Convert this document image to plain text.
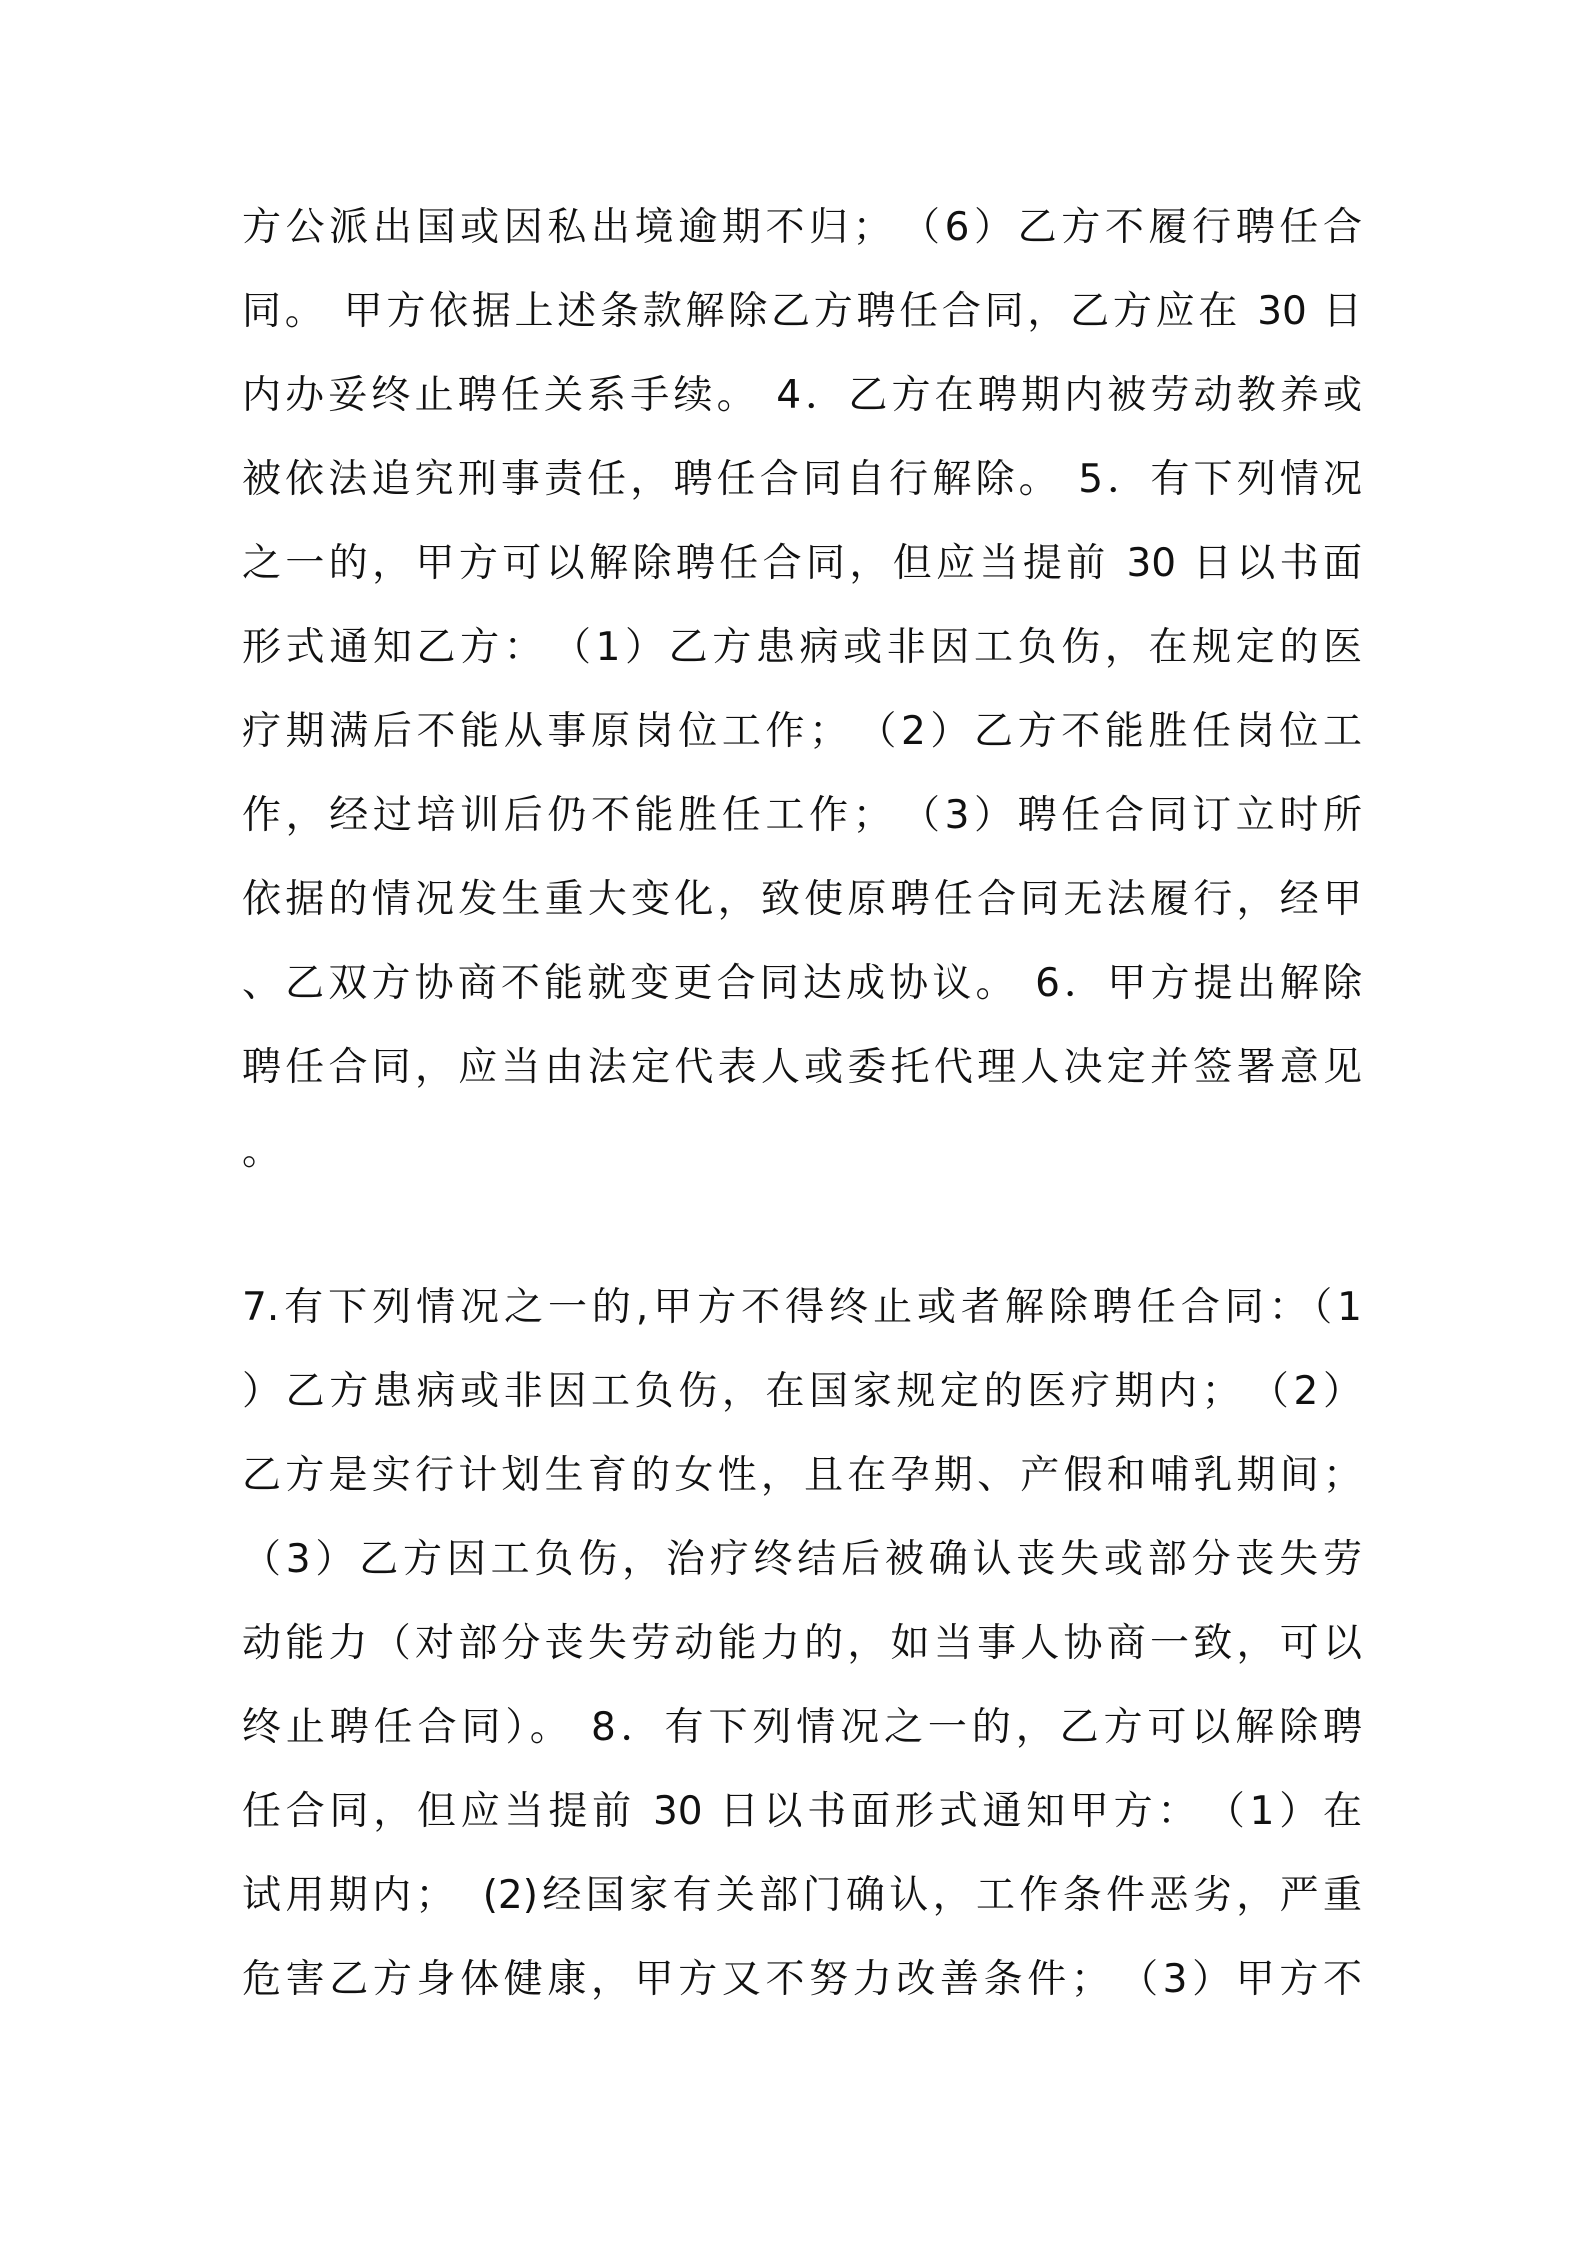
方公派出国或因私出境逾期不归；　（6）乙方不履行聘任合
同。 甲方依据上述条款解除乙方聘任合同，乙方应在 30 日
内办妥终止聘任关系手续。 4．乙方在聘期内被劳动教养或
被依法追究刑事责任，聘任合同自行解除。 5．有下列情况
之一的，甲方可以解除聘任合同，但应当提前 30 日以书面
形式通知乙方：　（1）乙方患病或非因工负伤，在规定的医
疗期满后不能从事原岗位工作；　（2）乙方不能胜任岗位工
作，经过培训后仍不能胜任工作；　（3）聘任合同订立时所
依据的情况发生重大变化，致使原聘任合同无法履行，经甲
、乙双方协商不能就变更合同达成协议。 6．甲方提出解除
聘任合同，应当由法定代表人或委托代理人决定并签署意见
。
7.有下列情况之一的,甲方不得终止或者解除聘任合同：（1
）乙方患病或非因工负伤，在国家规定的医疗期内；　（2）
乙方是实行计划生育的女性，且在孕期、产假和哺乳期间；
（3）乙方因工负伤，治疗终结后被确认丧失或部分丧失劳
动能力（对部分丧失劳动能力的，如当事人协商一致，可以
终止聘任合同）。 8．有下列情况之一的，乙方可以解除聘
任合同，但应当提前 30 日以书面形式通知甲方：　（1）在
试用期内；　(2)经国家有关部门确认，工作条件恶劣，严重
危害乙方身体健康，甲方又不努力改善条件；　（3）甲方不
